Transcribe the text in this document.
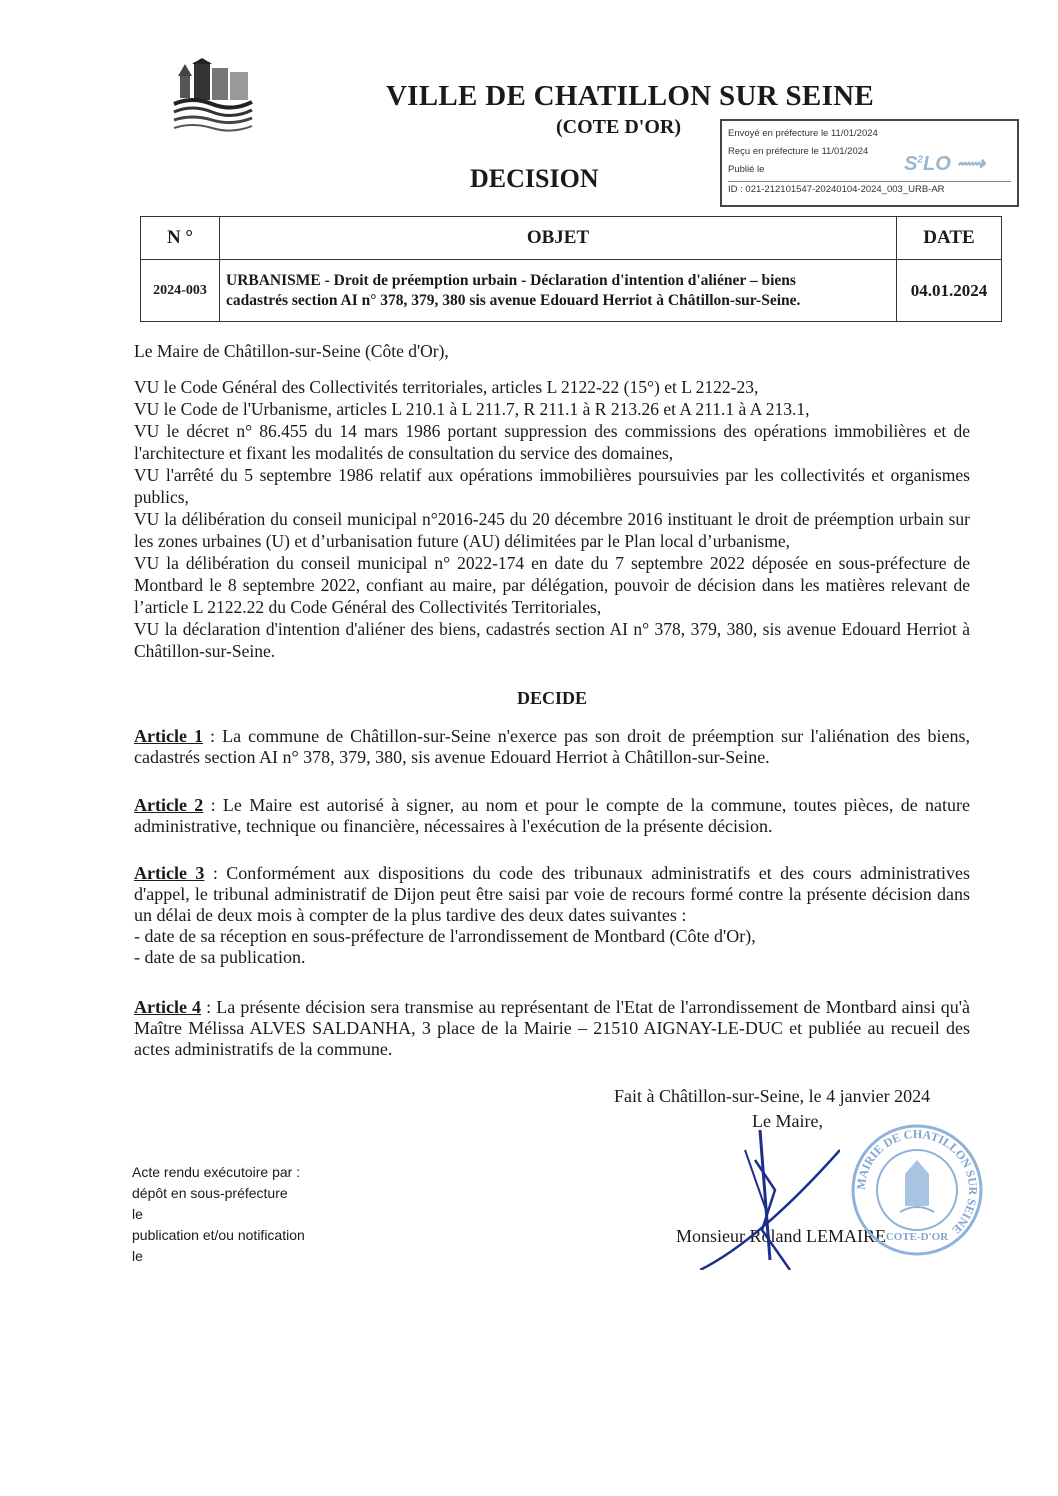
VILLE DE CHATILLON SUR SEINE
(COTE D'OR)
DECISION
Envoyé en préfecture le 11/01/2024
Reçu en préfecture le 11/01/2024
Publié le
ID : 021-212101547-20240104-2024_003_URB-AR
$S^2LO$ ⟿
N °	OBJET	DATE
2024-003	URBANISME - Droit de préemption urbain - Déclaration d'intention d'aliéner – biens
cadastrés section AI n° 378, 379, 380 sis avenue Edouard Herriot à Châtillon-sur-Seine.	04.01.2024
Le Maire de Châtillon-sur-Seine (Côte d'Or),

VU le Code Général des Collectivités territoriales, articles L 2122-22 (15°) et L 2122-23,

VU le Code de l'Urbanisme, articles L 210.1 à L 211.7, R 211.1 à R 213.26 et A 211.1 à A 213.1,

VU le décret n° 86.455 du 14 mars 1986 portant suppression des commissions des opérations immobilières et de l'architecture et fixant les modalités de consultation du service des domaines,

VU l'arrêté du 5 septembre 1986 relatif aux opérations immobilières poursuivies par les collectivités et organismes publics,

VU la délibération du conseil municipal n°2016-245 du 20 décembre 2016 instituant le droit de préemption urbain sur les zones urbaines (U) et d’urbanisation future (AU) délimitées par le Plan local d’urbanisme,

VU la délibération du conseil municipal n° 2022-174 en date du 7 septembre 2022 déposée en sous-préfecture de Montbard le 8 septembre 2022, confiant au maire, par délégation, pouvoir de décision dans les matières relevant de l’article L 2122.22 du Code Général des Collectivités Territoriales,

VU la déclaration d'intention d'aliéner des biens, cadastrés section AI n° 378, 379, 380, sis avenue Edouard Herriot à Châtillon-sur-Seine.

DECIDE

Article 1 : La commune de Châtillon-sur-Seine n'exerce pas son droit de préemption sur l'aliénation des biens, cadastrés section AI n° 378, 379, 380, sis avenue Edouard Herriot à Châtillon-sur-Seine.

Article 2 : Le Maire est autorisé à signer, au nom et pour le compte de la commune, toutes pièces, de nature administrative, technique ou financière, nécessaires à l'exécution de la présente décision.

Article 3 : Conformément aux dispositions du code des tribunaux administratifs et des cours administratives d'appel, le tribunal administratif de Dijon peut être saisi par voie de recours formé contre la présente décision dans un délai de deux mois à compter de la plus tardive des deux dates suivantes :

- date de sa réception en sous-préfecture de l'arrondissement de Montbard (Côte d'Or),

- date de sa publication.

Article 4 : La présente décision sera transmise au représentant de l'Etat de l'arrondissement de Montbard ainsi qu'à Maître Mélissa ALVES SALDANHA, 3 place de la Mairie – 21510 AIGNAY-LE-DUC et publiée au recueil des actes administratifs de la commune.

Fait à Châtillon-sur-Seine, le 4 janvier 2024
Le Maire,
Monsieur Roland LEMAIRE
MAIRIE DE CHATILLON SUR SEINE
COTE-D'OR
Acte rendu exécutoire par :
dépôt en sous-préfecture
le
publication et/ou notification
le
